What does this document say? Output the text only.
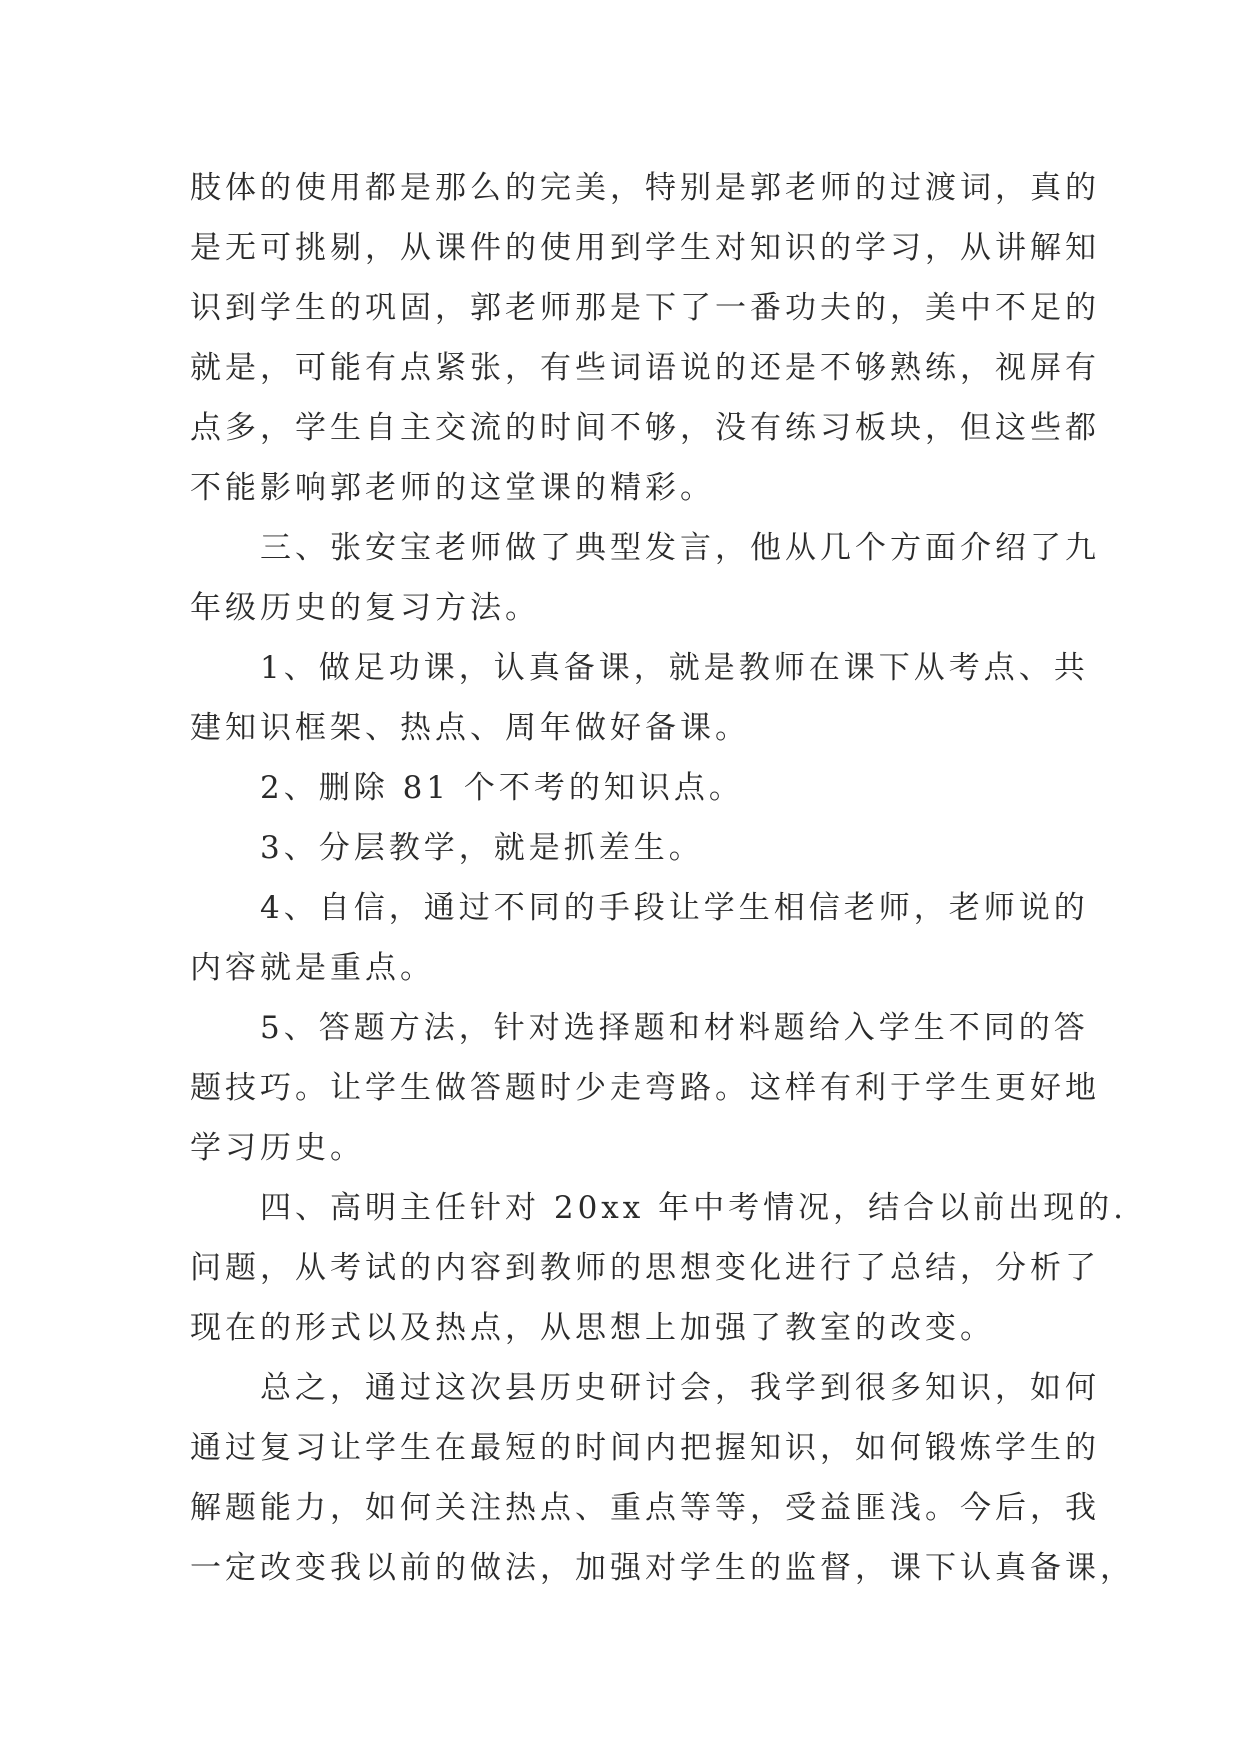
肢体的使用都是那么的完美，特别是郭老师的过渡词，真的
是无可挑剔，从课件的使用到学生对知识的学习，从讲解知
识到学生的巩固，郭老师那是下了一番功夫的，美中不足的
就是，可能有点紧张，有些词语说的还是不够熟练，视屏有
点多，学生自主交流的时间不够，没有练习板块，但这些都
不能影响郭老师的这堂课的精彩。
三、张安宝老师做了典型发言，他从几个方面介绍了九
年级历史的复习方法。
1、做足功课，认真备课，就是教师在课下从考点、共
建知识框架、热点、周年做好备课。
2、删除 81 个不考的知识点。
3、分层教学，就是抓差生。
4、自信，通过不同的手段让学生相信老师，老师说的
内容就是重点。
5、答题方法，针对选择题和材料题给入学生不同的答
题技巧。让学生做答题时少走弯路。这样有利于学生更好地
学习历史。
四、高明主任针对 20xx 年中考情况，结合以前出现的.
问题，从考试的内容到教师的思想变化进行了总结，分析了
现在的形式以及热点，从思想上加强了教室的改变。
总之，通过这次县历史研讨会，我学到很多知识，如何
通过复习让学生在最短的时间内把握知识，如何锻炼学生的
解题能力，如何关注热点、重点等等，受益匪浅。今后，我
一定改变我以前的做法，加强对学生的监督，课下认真备课，
